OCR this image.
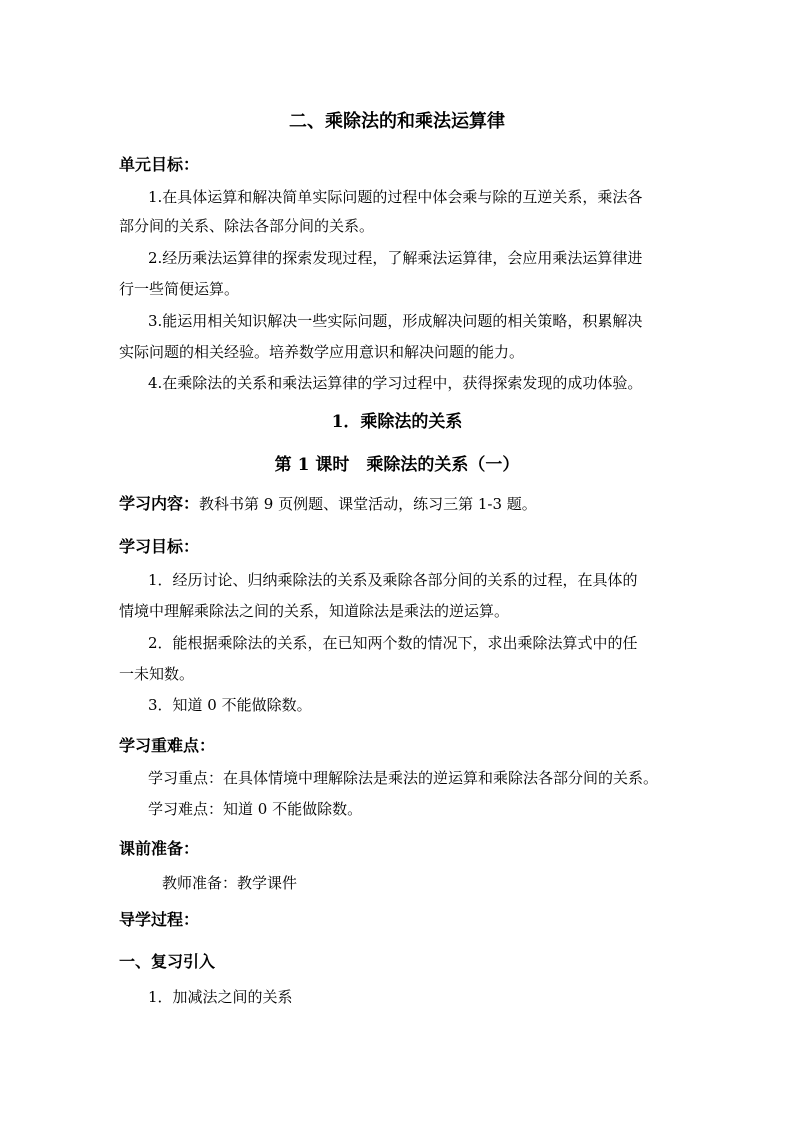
二、乘除法的和乘法运算律
单元目标：
1.在具体运算和解决简单实际问题的过程中体会乘与除的互逆关系，乘法各
部分间的关系、除法各部分间的关系。
2.经历乘法运算律的探索发现过程，了解乘法运算律，会应用乘法运算律进
行一些简便运算。
3.能运用相关知识解决一些实际问题，形成解决问题的相关策略，积累解决
实际问题的相关经验。培养数学应用意识和解决问题的能力。
4.在乘除法的关系和乘法运算律的学习过程中，获得探索发现的成功体验。
1．乘除法的关系
第 1 课时　乘除法的关系（一）
学习内容：教科书第 9 页例题、课堂活动，练习三第 1-3 题。
学习目标：
1．经历讨论、归纳乘除法的关系及乘除各部分间的关系的过程，在具体的
情境中理解乘除法之间的关系，知道除法是乘法的逆运算。
2．能根据乘除法的关系，在已知两个数的情况下，求出乘除法算式中的任
一未知数。
3．知道 0 不能做除数。
学习重难点：
学习重点：在具体情境中理解除法是乘法的逆运算和乘除法各部分间的关系。
学习难点：知道 0 不能做除数。
课前准备：
教师准备：教学课件
导学过程：
一、复习引入
1．加减法之间的关系
